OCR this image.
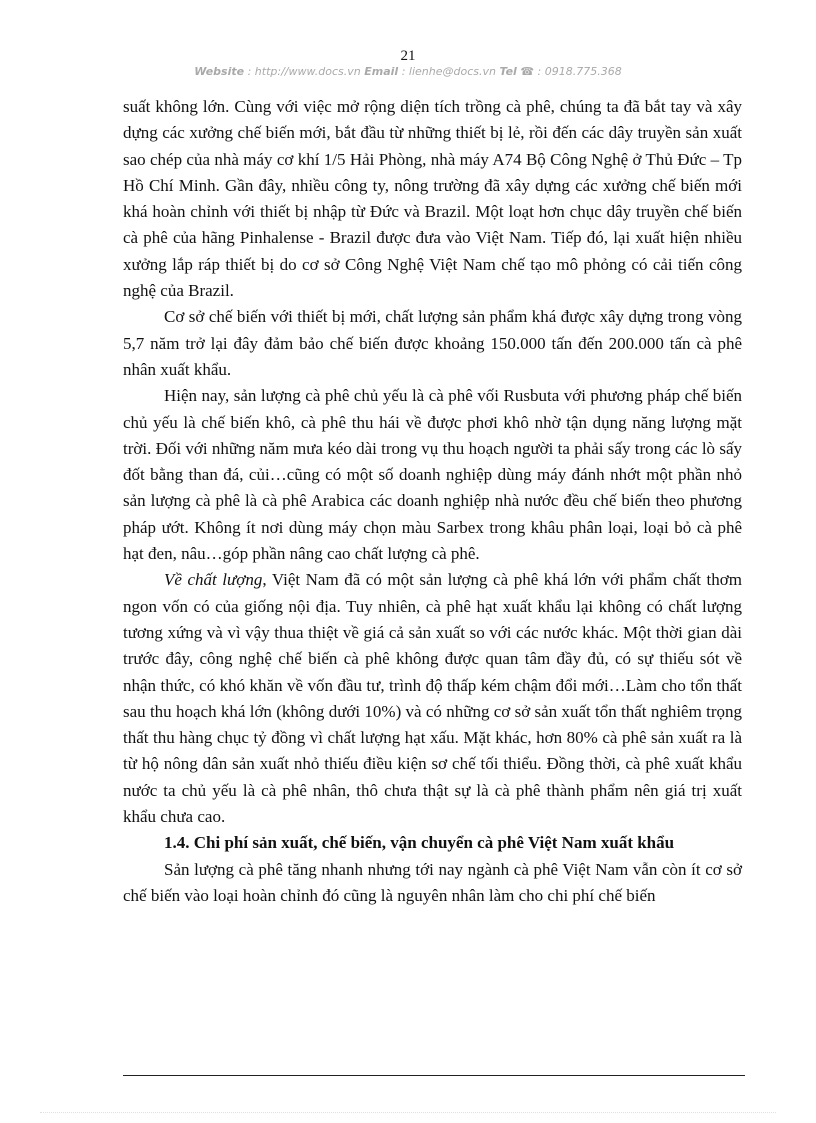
21
Website : http://www.docs.vn Email : lienhe@docs.vn Tel ☎ : 0918.775.368

suất không lớn. Cùng với việc mở rộng diện tích trồng cà phê, chúng ta đã bắt tay và xây dựng các xưởng chế biến mới, bắt đầu từ những thiết bị lẻ, rồi đến các dây truyền sản xuất sao chép của nhà máy cơ khí 1/5 Hải Phòng, nhà máy A74 Bộ Công Nghệ ở Thủ Đức – Tp Hồ Chí Minh. Gần đây, nhiều công ty, nông trường đã xây dựng các xưởng chế biến mới khá hoàn chỉnh với thiết bị nhập từ Đức và Brazil. Một loạt hơn chục dây truyền chế biến cà phê của hãng Pinhalense - Brazil được đưa vào Việt Nam. Tiếp đó, lại xuất hiện nhiều xưởng lắp ráp thiết bị do cơ sở Công Nghệ Việt Nam chế tạo mô phỏng có cải tiến công nghệ của Brazil.

Cơ sở chế biến với thiết bị mới, chất lượng sản phẩm khá được xây dựng trong vòng 5,7 năm trở lại đây đảm bảo chế biến được khoảng 150.000 tấn đến 200.000 tấn cà phê nhân xuất khẩu.

Hiện nay, sản lượng cà phê chủ yếu là cà phê vối Rusbuta với phương pháp chế biến chủ yếu là chế biến khô, cà phê thu hái về được phơi khô nhờ tận dụng năng lượng mặt trời. Đối với những năm mưa kéo dài trong vụ thu hoạch người ta phải sấy trong các lò sấy đốt bằng than đá, củi…cũng có một số doanh nghiệp dùng máy đánh nhớt một phần nhỏ sản lượng cà phê là cà phê Arabica các doanh nghiệp nhà nước đều chế biến theo phương pháp ướt. Không ít nơi dùng máy chọn màu Sarbex trong khâu phân loại, loại bỏ cà phê hạt đen, nâu…góp phần nâng cao chất lượng cà phê.

Về chất lượng, Việt Nam đã có một sản lượng cà phê khá lớn với phẩm chất thơm ngon vốn có của giống nội địa. Tuy nhiên, cà phê hạt xuất khẩu lại không có chất lượng tương xứng và vì vậy thua thiệt về giá cả sản xuất so với các nước khác. Một thời gian dài trước đây, công nghệ chế biến cà phê không được quan tâm đầy đủ, có sự thiếu sót về nhận thức, có khó khăn về vốn đầu tư, trình độ thấp kém chậm đổi mới…Làm cho tổn thất sau thu hoạch khá lớn (không dưới 10%) và có những cơ sở sản xuất tổn thất nghiêm trọng thất thu hàng chục tỷ đồng vì chất lượng hạt xấu. Mặt khác, hơn 80% cà phê sản xuất ra là từ hộ nông dân sản xuất nhỏ thiếu điều kiện sơ chế tối thiểu. Đồng thời, cà phê xuất khẩu nước ta chủ yếu là cà phê nhân, thô chưa thật sự là cà phê thành phẩm nên giá trị xuất khẩu chưa cao.

1.4. Chi phí sản xuất, chế biến, vận chuyển cà phê Việt Nam xuất khẩu

Sản lượng cà phê tăng nhanh nhưng tới nay ngành cà phê Việt Nam vẫn còn ít cơ sở chế biến vào loại hoàn chỉnh đó cũng là nguyên nhân làm cho chi phí chế biến
